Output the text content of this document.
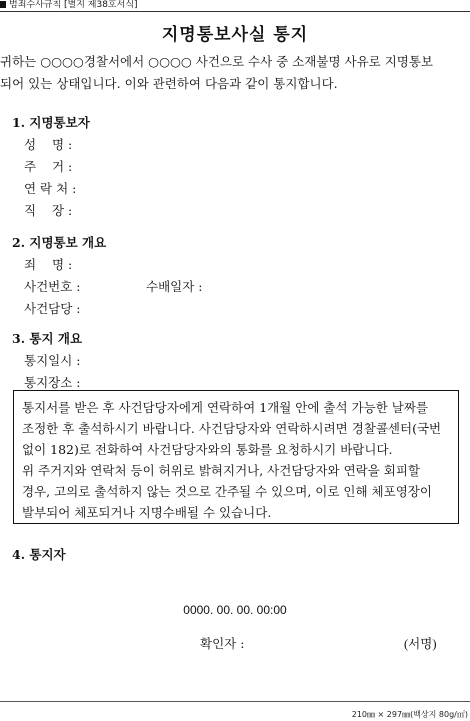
범죄수사규칙 [별지 제38호서식]
지명통보사실 통지

귀하는 ○○○○경찰서에서 ○○○○ 사건으로 수사 중 소재불명 사유로 지명통보

되어 있는 상태입니다. 이와 관련하여 다음과 같이 통지합니다.

1. 지명통보자
성    명 :
주    거 :
연 락 처 :
직    장 :
2. 지명통보 개요
죄    명 :
사건번호 :	수배일자 :
사건담당 :
3. 통지 개요
통지일시 :
통지장소 :

통지서를 받은 후 사건담당자에게 연락하여 1개월 안에 출석 가능한 날짜를

조정한 후 출석하시기 바랍니다. 사건담당자와 연락하시려면 경찰콜센터(국번

없이 182)로 전화하여 사건담당자와의 통화를 요청하시기 바랍니다.

위 주거지와 연락처 등이 허위로 밝혀지거나, 사건담당자와 연락을 회피할

경우, 고의로 출석하지 않는 것으로 간주될 수 있으며, 이로 인해 체포영장이

발부되어 체포되거나 지명수배될 수 있습니다.

4. 통지자
0000. 00. 00. 00:00
확인자 :	(서명)
210㎜ × 297㎜(백상지 80g/㎡)
